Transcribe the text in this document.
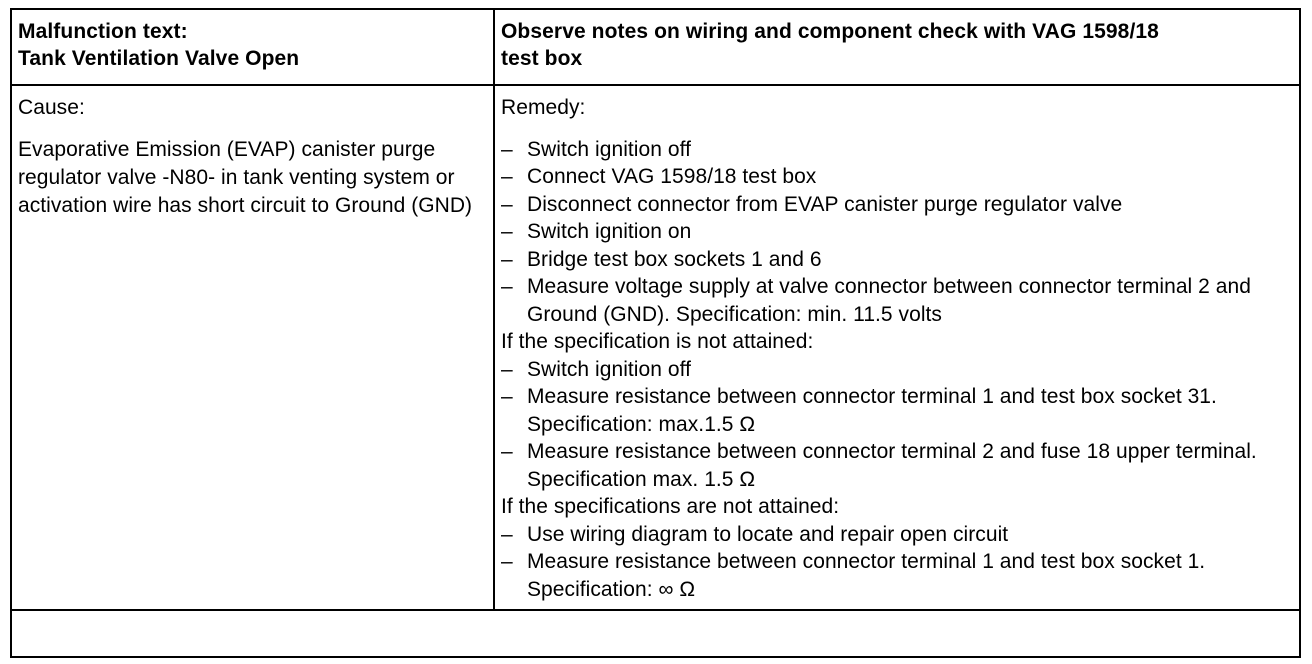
Malfunction text:
Tank Ventilation Valve Open
Observe notes on wiring and component check with VAG 1598/18
test box
Cause:
Evaporative Emission (EVAP) canister purge regulator valve -N80- in tank venting system or activation wire has short circuit to Ground (GND)
Remedy:
– Switch ignition off
– Connect VAG 1598/18 test box
– Disconnect connector from EVAP canister purge regulator valve
– Switch ignition on
– Bridge test box sockets 1 and 6
– Measure voltage supply at valve connector between connector terminal 2 and Ground (GND). Specification: min. 11.5 volts
If the specification is not attained:
– Switch ignition off
– Measure resistance between connector terminal 1 and test box socket 31. Specification: max.1.5 Ω
– Measure resistance between connector terminal 2 and fuse 18 upper terminal. Specification max. 1.5 Ω
If the specifications are not attained:
– Use wiring diagram to locate and repair open circuit
– Measure resistance between connector terminal 1 and test box socket 1. Specification: ∞ Ω
